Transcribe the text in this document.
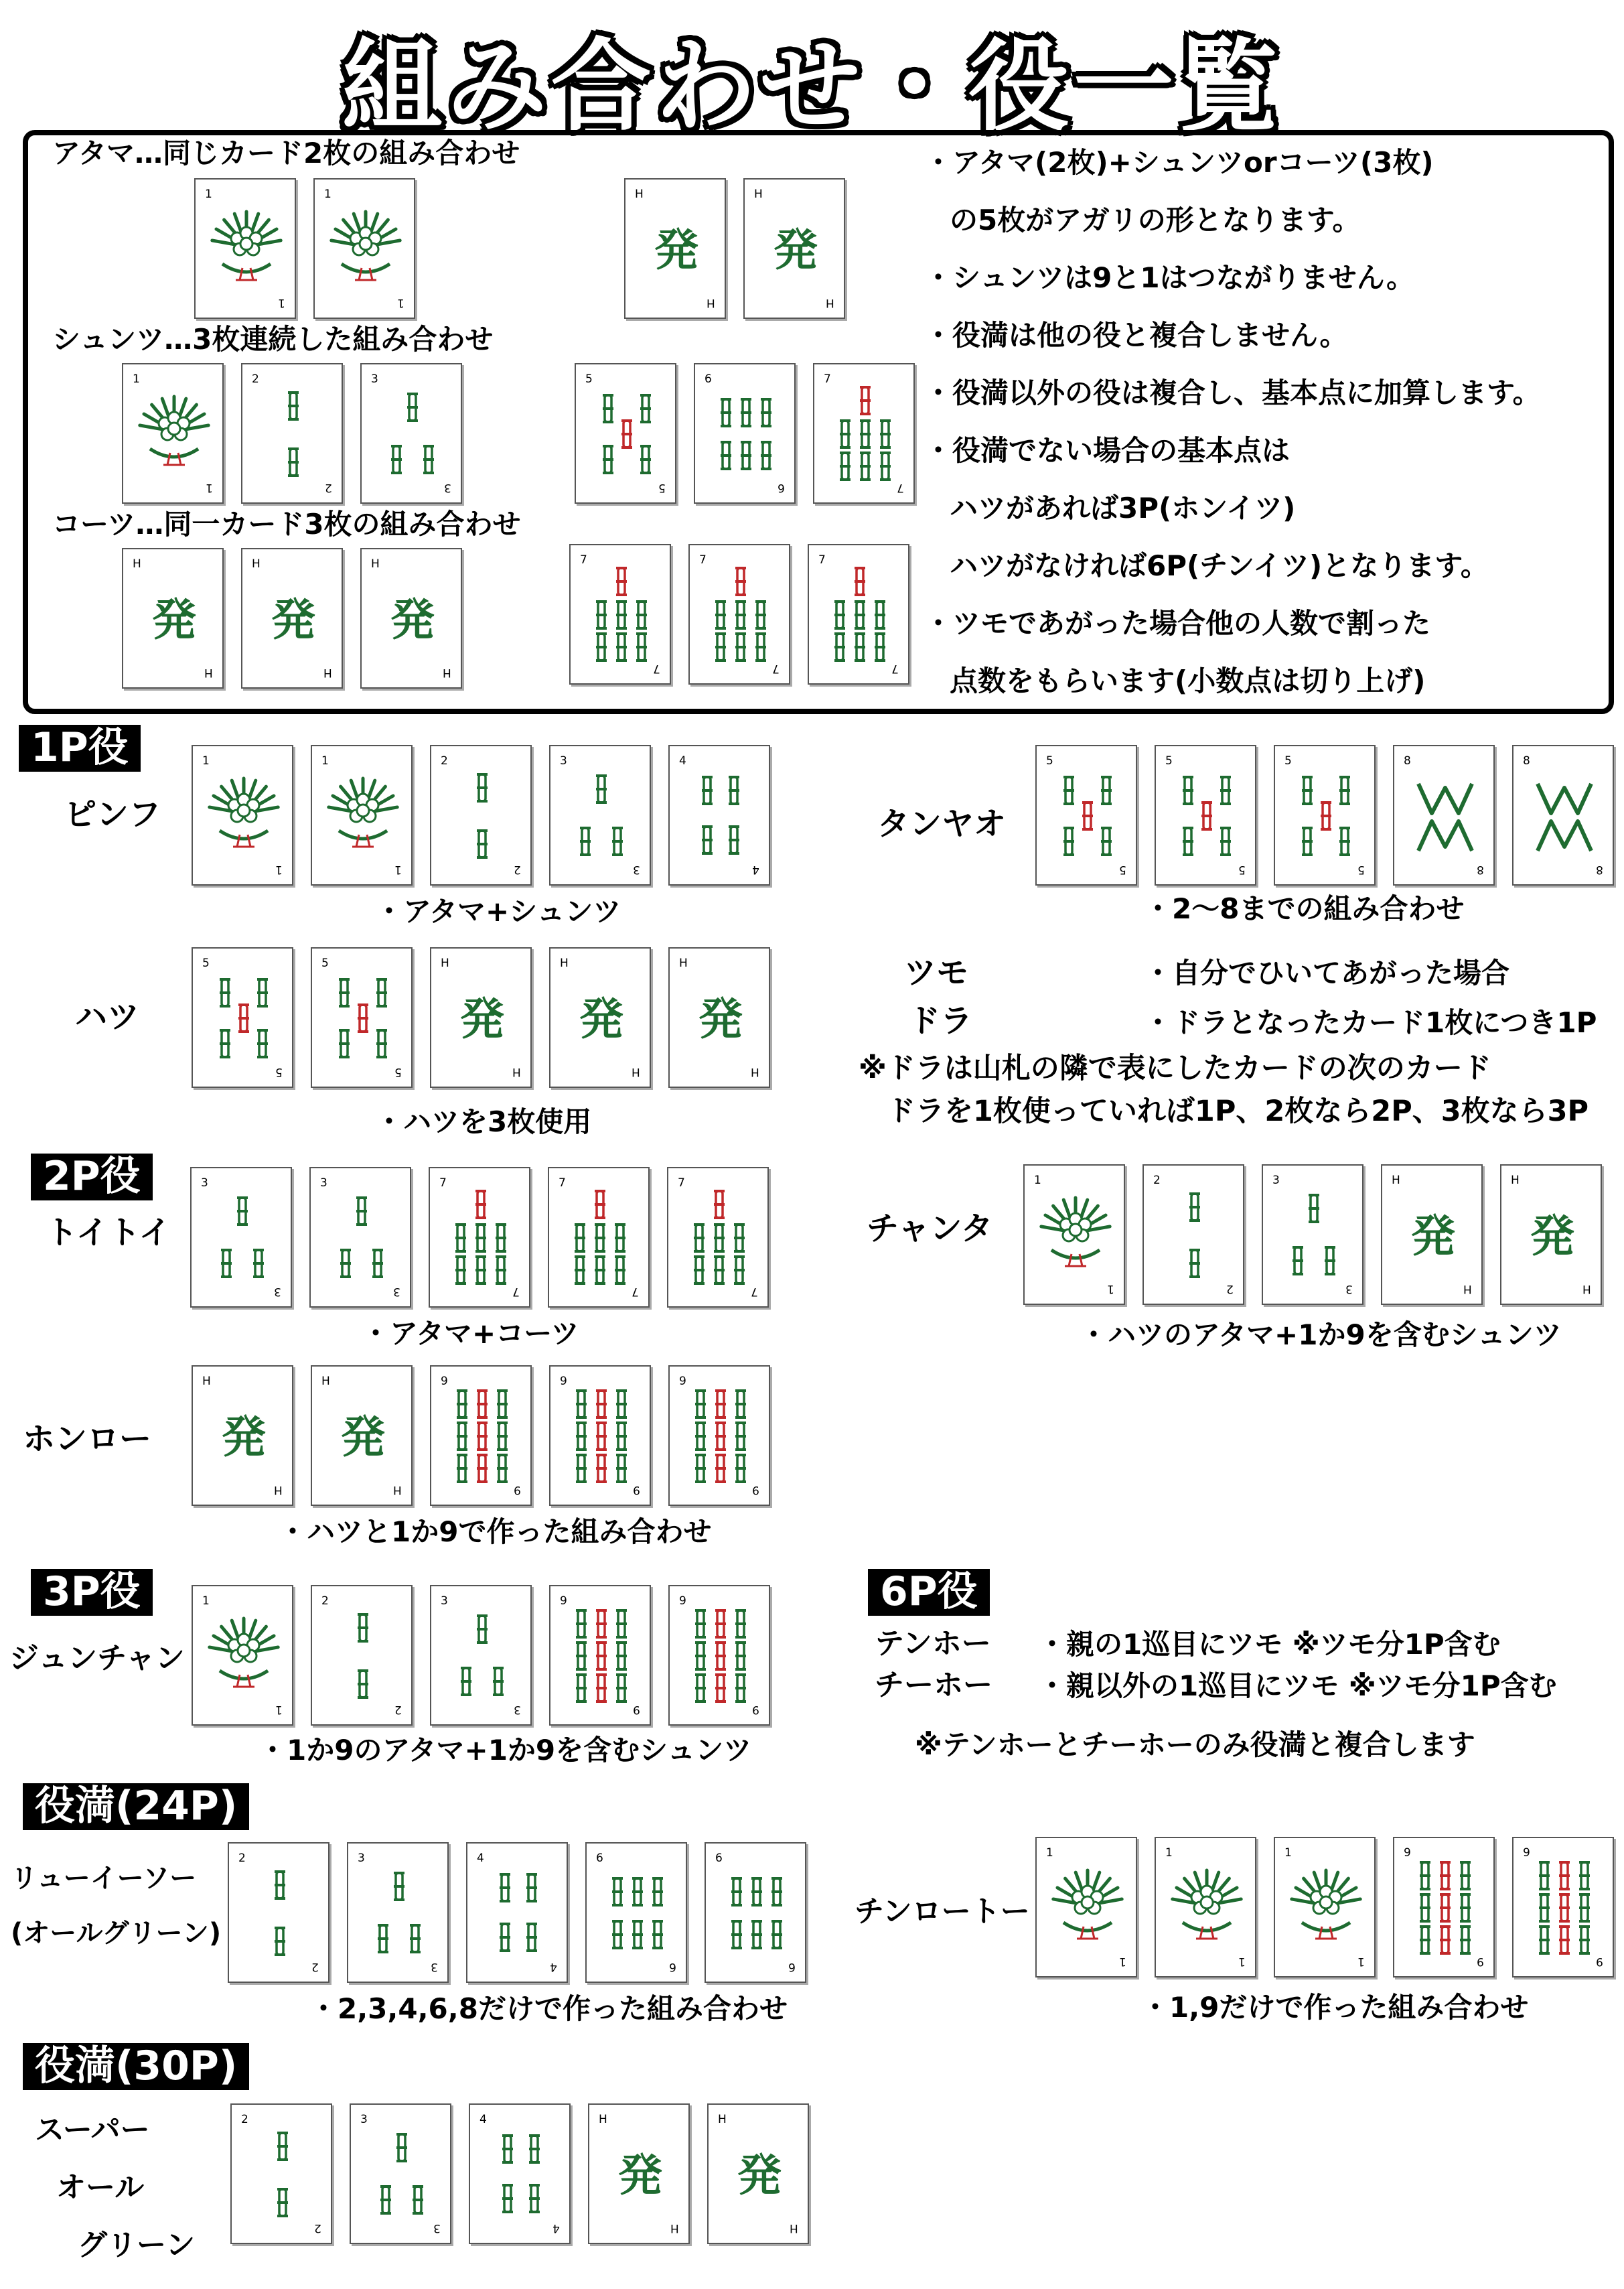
組み合わせ・役一覧
アタマ…同じカード2枚の組み合わせ
シュンツ…3枚連続した組み合わせ
コーツ…同一カード3枚の組み合わせ
・アタマ(2枚)+シュンツorコーツ(3枚)
の5枚がアガリの形となります。
・シュンツは9と1はつながりません。
・役満は他の役と複合しません。
・役満以外の役は複合し、基本点に加算します。
・役満でない場合の基本点は
ハツがあれば3P(ホンイツ)
ハツがなければ6P(チンイツ)となります。
・ツモであがった場合他の人数で割った
点数をもらいます(小数点は切り上げ)
1
1
1
1
発
H
H
発
H
H
1
1
2
2
3
3
5
5
6
6
7
7
発
H
H
発
H
H
発
H
H
7
7
7
7
7
7
1P役
ピンフ
1
1
1
1
2
2
3
3
4
4
・アタマ+シュンツ
タンヤオ
5
5
5
5
5
5
8
8
8
8
・2〜8までの組み合わせ
ハツ
5
5
5
5
発
H
H
発
H
H
発
H
H
・ハツを3枚使用
ツモ	・自分でひいてあがった場合
ドラ	・ドラとなったカード1枚につき1P
※ドラは山札の隣で表にしたカードの次のカード
ドラを1枚使っていれば1P、2枚なら2P、3枚なら3P
2P役
トイトイ
3
3
3
3
7
7
7
7
7
7
・アタマ+コーツ
チャンタ
1
1
2
2
3
3
発
H
H
発
H
H
・ハツのアタマ+1か9を含むシュンツ
ホンロー 発
H
H
発
H
H
9
9
9
9
9
9
・ハツと1か9で作った組み合わせ
3P役
ジュンチャン
1
1
2
2
3
3
9
9
9
9
・1か9のアタマ+1か9を含むシュンツ
6P役
テンホー ・親の1巡目にツモ ※ツモ分1P含む
チーホー ・親以外の1巡目にツモ ※ツモ分1P含む
※テンホーとチーホーのみ役満と複合します
役満(24P)
リューイーソー
(オールグリーン)
2
2
3
3
4
4
6
6
6
6
・2,3,4,6,8だけで作った組み合わせ
チンロートー
1
1
1
1
1
1
9
9
9
9
・1,9だけで作った組み合わせ
役満(30P)
スーパー
オール
グリーン
2
2
3
3
4
4
発
H
H
発
H
H
